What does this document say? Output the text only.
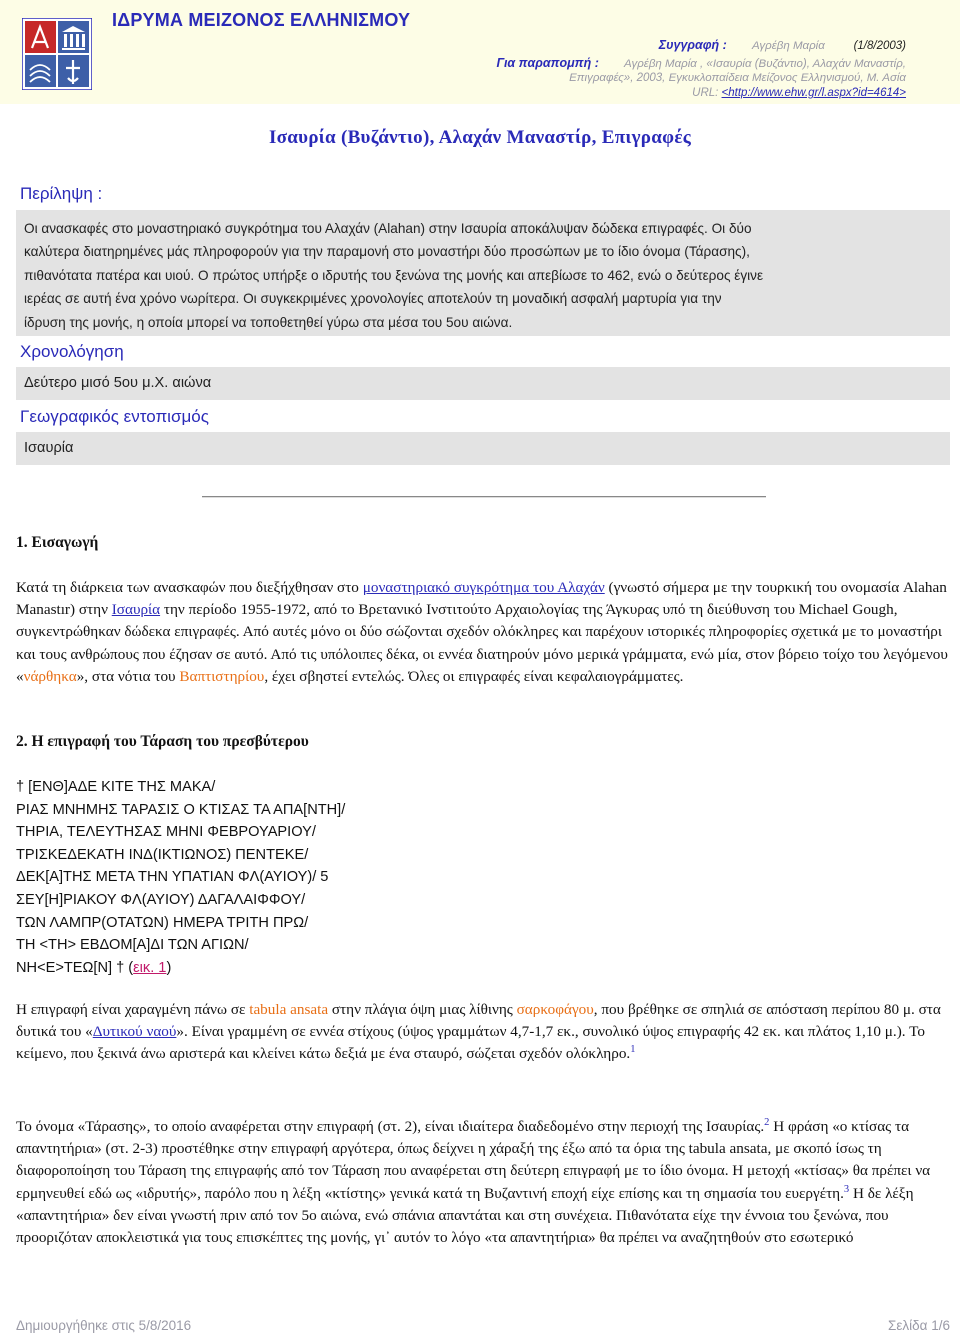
ΙΔΡΥΜΑ ΜΕΙΖΟΝΟΣ ΕΛΛΗΝΙΣΜΟΥ
Συγγραφή : Αγρέβη Μαρία	(1/8/2003)
Για παραπομπή : Αγρέβη Μαρία , «Ισαυρία (Βυζάντιο), Αλαχάν Μαναστίρ,
Επιγραφές», 2003, Εγκυκλοπαίδεια Μείζονος Ελληνισμού, Μ. Ασία
URL: <http://www.ehw.gr/l.aspx?id=4614>
Ισαυρία (Βυζάντιο), Αλαχάν Μαναστίρ, Επιγραφές
Περίληψη :
Οι ανασκαφές στο μοναστηριακό συγκρότημα του Αλαχάν (Alahan) στην Ισαυρία αποκάλυψαν δώδεκα επιγραφές. Οι δύο
καλύτερα διατηρημένες μάς πληροφορούν για την παραμονή στο μοναστήρι δύο προσώπων με το ίδιο όνομα (Τάρασης),
πιθανότατα πατέρα και υιού. Ο πρώτος υπήρξε ο ιδρυτής του ξενώνα της μονής και απεβίωσε το 462, ενώ ο δεύτερος έγινε
ιερέας σε αυτή ένα χρόνο νωρίτερα. Οι συγκεκριμένες χρονολογίες αποτελούν τη μοναδική ασφαλή μαρτυρία για την
ίδρυση της μονής, η οποία μπορεί να τοποθετηθεί γύρω στα μέσα του 5ου αιώνα.
Χρονολόγηση
Δεύτερο μισό 5ου μ.Χ. αιώνα
Γεωγραφικός εντοπισμός
Ισαυρία
1. Εισαγωγή
Κατά τη διάρκεια των ανασκαφών που διεξήχθησαν στο μοναστηριακό συγκρότημα του Αλαχάν (γνωστό σήμερα με την τουρκική του ονομασία Alahan Manastır) στην Ισαυρία την περίοδο 1955-1972, από το Βρετανικό Ινστιτούτο Αρχαιολογίας της Άγκυρας υπό τη διεύθυνση του Michael Gough, συγκεντρώθηκαν δώδεκα επιγραφές. Από αυτές μόνο οι δύο σώζονται σχεδόν ολόκληρες και παρέχουν ιστορικές πληροφορίες σχετικά με το μοναστήρι και τους ανθρώπους που έζησαν σε αυτό. Από τις υπόλοιπες δέκα, οι εννέα διατηρούν μόνο μερικά γράμματα, ενώ μία, στον βόρειο τοίχο του λεγόμενου «νάρθηκα», στα νότια του Βαπτιστηρίου, έχει σβηστεί εντελώς. Όλες οι επιγραφές είναι κεφαλαιογράμματες.
2. Η επιγραφή του Τάραση του πρεσβύτερου
† [ΕΝΘ]ΑΔΕ ΚΙΤΕ ΤΗΣ ΜΑΚΑ/
ΡΙΑΣ ΜΝΗΜΗΣ ΤΑΡΑΣΙΣ Ο ΚΤΙΣΑΣ ΤΑ ΑΠΑ[ΝΤΗ]/
ΤΗΡΙΑ, ΤΕΛΕΥΤΗΣΑΣ ΜΗΝΙ ΦΕΒΡΟΥΑΡΙΟΥ/
ΤΡΙΣΚΕΔΕΚΑΤΗ ΙΝΔ(ΙΚΤΙΩΝΟΣ) ΠΕΝΤΕΚΕ/
ΔΕΚ[Α]ΤΗΣ ΜΕΤΑ ΤΗΝ ΥΠΑΤΙΑΝ ΦΛ(ΑΥΙΟΥ)/ 5
ΣΕΥ[Η]ΡΙΑΚΟΥ ΦΛ(ΑΥΙΟΥ) ΔΑΓΑΛΑΙΦΦΟΥ/
ΤΩΝ ΛΑΜΠΡ(ΟΤΑΤΩΝ) ΗΜΕΡΑ ΤΡΙΤΗ ΠΡΩ/
ΤΗ <ΤΗ> ΕΒΔΟΜ[Α]ΔΙ ΤΩΝ ΑΓΙΩΝ/
ΝΗ<Ε>ΤΕΩ[Ν] † (εικ. 1)
Η επιγραφή είναι χαραγμένη πάνω σε tabula ansata στην πλάγια όψη μιας λίθινης σαρκοφάγου, που βρέθηκε σε σπηλιά σε απόσταση περίπου 80 μ. στα δυτικά του «Δυτικού ναού». Είναι γραμμένη σε εννέα στίχους (ύψος γραμμάτων 4,7-1,7 εκ., συνολικό ύψος επιγραφής 42 εκ. και πλάτος 1,10 μ.). Το κείμενο, που ξεκινά άνω αριστερά και κλείνει κάτω δεξιά με ένα σταυρό, σώζεται σχεδόν ολόκληρο.$^1$
Το όνομα «Τάρασης», το οποίο αναφέρεται στην επιγραφή (στ. 2), είναι ιδιαίτερα διαδεδομένο στην περιοχή της Ισαυρίας.$^2$ Η φράση «ο κτίσας τα απαντητήρια» (στ. 2-3) προστέθηκε στην επιγραφή αργότερα, όπως δείχνει η χάραξή της έξω από τα όρια της tabula ansata, με σκοπό ίσως τη διαφοροποίηση του Τάραση της επιγραφής από τον Τάραση που αναφέρεται στη δεύτερη επιγραφή με το ίδιο όνομα. Η μετοχή «κτίσας» θα πρέπει να ερμηνευθεί εδώ ως «ιδρυτής», παρόλο που η λέξη «κτίστης» γενικά κατά τη Βυζαντινή εποχή είχε επίσης και τη σημασία του ευεργέτη.$^3$ Η δε λέξη «απαντητήρια» δεν είναι γνωστή πριν από τον 5ο αιώνα, ενώ σπάνια απαντάται και στη συνέχεια. Πιθανότατα είχε την έννοια του ξενώνα, που προοριζόταν αποκλειστικά για τους επισκέπτες της μονής, γι᾽ αυτόν το λόγο «τα απαντητήρια» θα πρέπει να αναζητηθούν στο εσωτερικό
Δημιουργήθηκε στις 5/8/2016	Σελίδα 1/6
